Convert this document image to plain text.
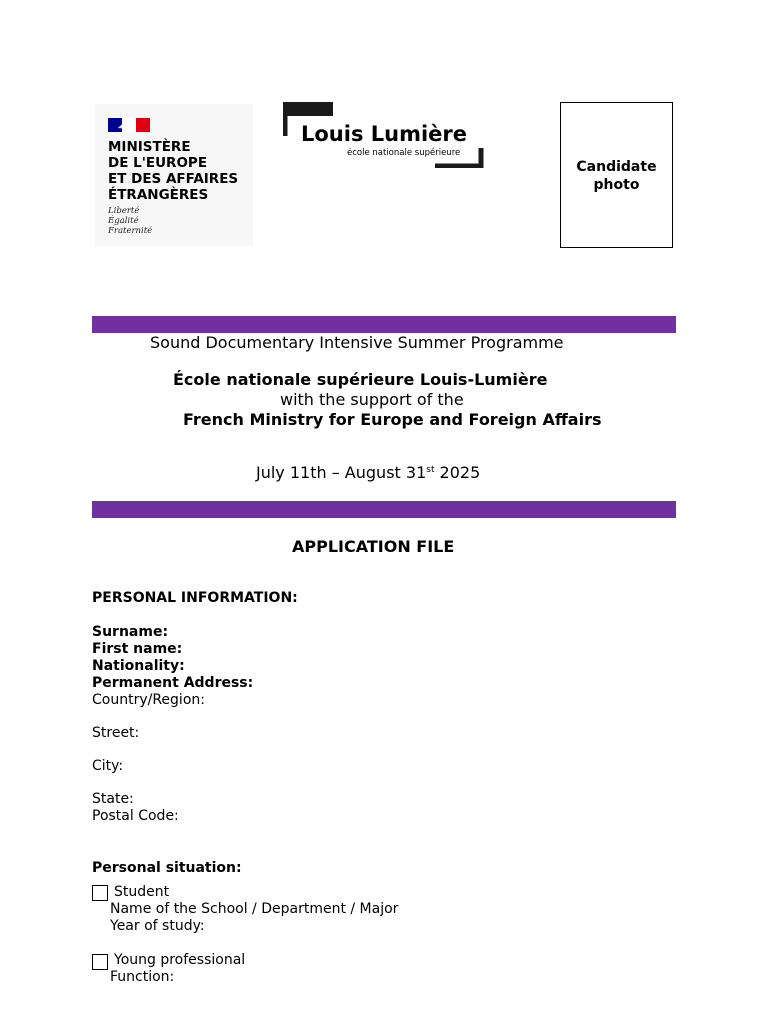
MINISTÈRE
DE L'EUROPE
ET DES AFFAIRES
ÉTRANGÈRES
Liberté
Égalité
Fraternité
Louis Lumière
école nationale supérieure
Candidate
photo
Sound Documentary Intensive Summer Programme
École nationale supérieure Louis-Lumière
with the support of the
French Ministry for Europe and Foreign Affairs
July 11th – August 31st 2025
APPLICATION FILE
PERSONAL INFORMATION:
Surname:
First name:
Nationality:
Permanent Address:
Country/Region:
Street:
City:
State:
Postal Code:
Personal situation:
Student
Name of the School / Department / Major
Year of study:
Young professional
Function:
